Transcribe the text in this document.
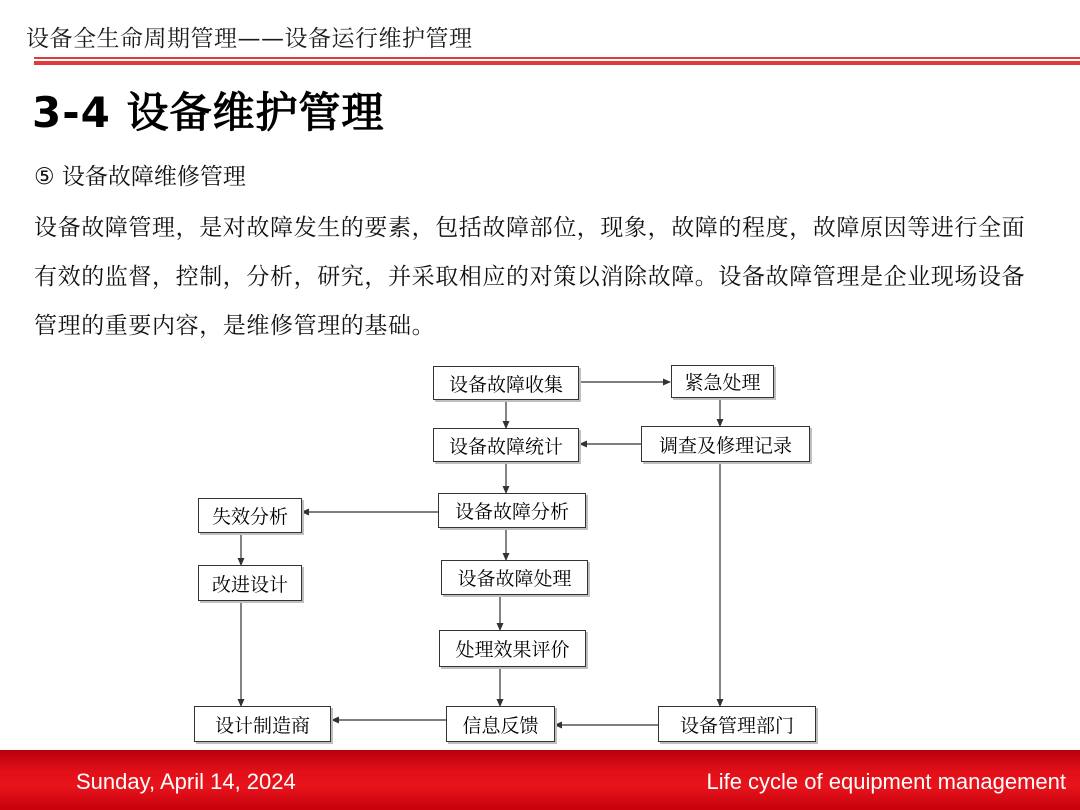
设备全生命周期管理——设备运行维护管理
3-4 设备维护管理
⑤ 设备故障维修管理
设备故障管理，是对故障发生的要素，包括故障部位，现象，故障的程度，故障原因等进行全面有效的监督，控制，分析，研究，并采取相应的对策以消除故障。设备故障管理是企业现场设备管理的重要内容，是维修管理的基础。
设备故障收集	紧急处理
设备故障统计	调查及修理记录
失效分析	设备故障分析
改进设计	设备故障处理
处理效果评价
设计制造商	信息反馈	设备管理部门
Sunday, April 14, 2024	Life cycle of equipment management
